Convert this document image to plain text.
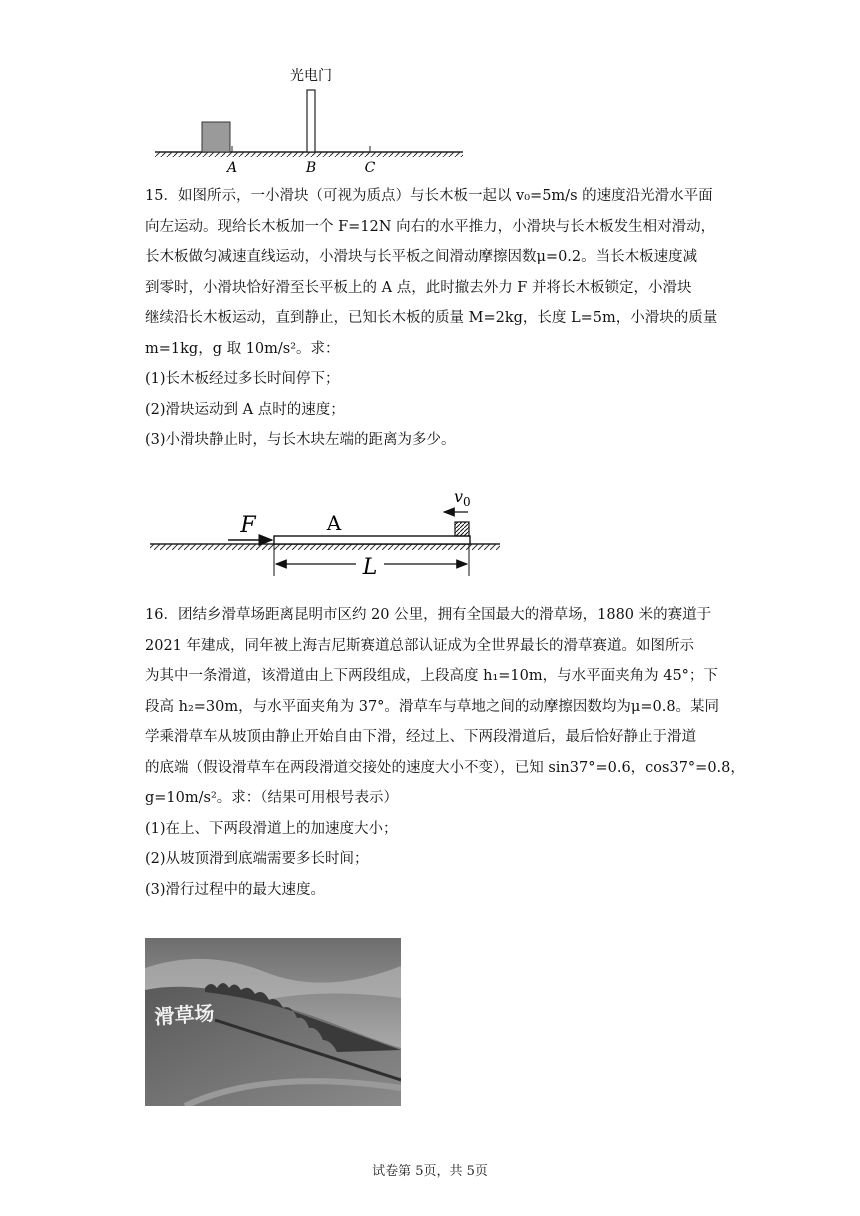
光电门
A	B	C
15．如图所示，一小滑块（可视为质点）与长木板一起以 v₀=5m/s 的速度沿光滑水平面
向左运动。现给长木板加一个 F=12N 向右的水平推力，小滑块与长木板发生相对滑动，
长木板做匀减速直线运动，小滑块与长平板之间滑动摩擦因数μ=0.2。当长木板速度减
到零时，小滑块恰好滑至长平板上的 A 点，此时撤去外力 F 并将长木板锁定，小滑块
继续沿长木板运动，直到静止，已知长木板的质量 M=2kg，长度 L=5m，小滑块的质量
m=1kg，g 取 10m/s²。求：
(1)长木板经过多长时间停下；
(2)滑块运动到 A 点时的速度；
(3)小滑块静止时，与长木块左端的距离为多少。
A
F
$v_0$
L
16．团结乡滑草场距离昆明市区约 20 公里，拥有全国最大的滑草场，1880 米的赛道于
2021 年建成，同年被上海吉尼斯赛道总部认证成为全世界最长的滑草赛道。如图所示
为其中一条滑道，该滑道由上下两段组成，上段高度 h₁=10m，与水平面夹角为 45°；下
段高 h₂=30m，与水平面夹角为 37°。滑草车与草地之间的动摩擦因数均为μ=0.8。某同
学乘滑草车从坡顶由静止开始自由下滑，经过上、下两段滑道后，最后恰好静止于滑道
的底端（假设滑草车在两段滑道交接处的速度大小不变），已知 sin37°=0.6，cos37°=0.8，
g=10m/s²。求：（结果可用根号表示）
(1)在上、下两段滑道上的加速度大小；
(2)从坡顶滑到底端需要多长时间；
(3)滑行过程中的最大速度。
滑草场
试卷第 5页，共 5页
